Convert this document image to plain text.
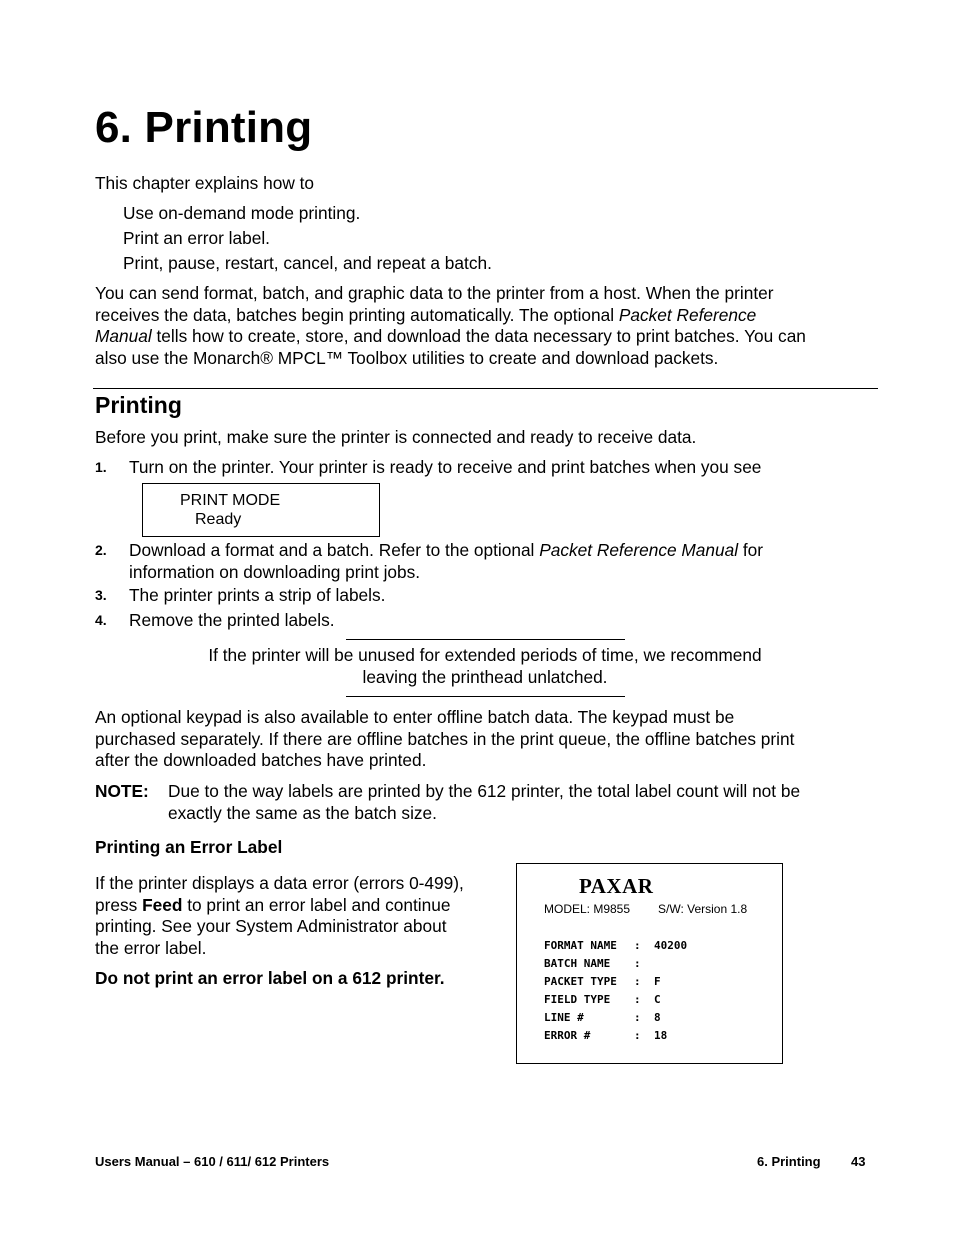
6. Printing
This chapter explains how to
Use on-demand mode printing.
Print an error label.
Print, pause, restart, cancel, and repeat a batch.
You can send format, batch, and graphic data to the printer from a host. When the printer
receives the data, batches begin printing automatically. The optional Packet Reference
Manual tells how to create, store, and download the data necessary to print batches. You can
also use the Monarch® MPCL™ Toolbox utilities to create and download packets.
Printing
Before you print, make sure the printer is connected and ready to receive data.
1. Turn on the printer. Your printer is ready to receive and print batches when you see
PRINT MODE
Ready
2. Download a format and a batch. Refer to the optional Packet Reference Manual for
information on downloading print jobs.
3. The printer prints a strip of labels.
4. Remove the printed labels.
If the printer will be unused for extended periods of time, we recommend
leaving the printhead unlatched.
An optional keypad is also available to enter offline batch data. The keypad must be
purchased separately. If there are offline batches in the print queue, the offline batches print
after the downloaded batches have printed.
NOTE: Due to the way labels are printed by the 612 printer, the total label count will not be
exactly the same as the batch size.
Printing an Error Label
If the printer displays a data error (errors 0-499),
press Feed to print an error label and continue
printing. See your System Administrator about
the error label.
Do not print an error label on a 612 printer.
PAXAR
MODEL: M9855 S/W: Version 1.8
FORMAT NAME : 40200
BATCH NAME :
PACKET TYPE : F
FIELD TYPE : C
LINE #	: 8
ERROR #	: 18
Users Manual – 610 / 611/ 612 Printers	6. Printing 43
